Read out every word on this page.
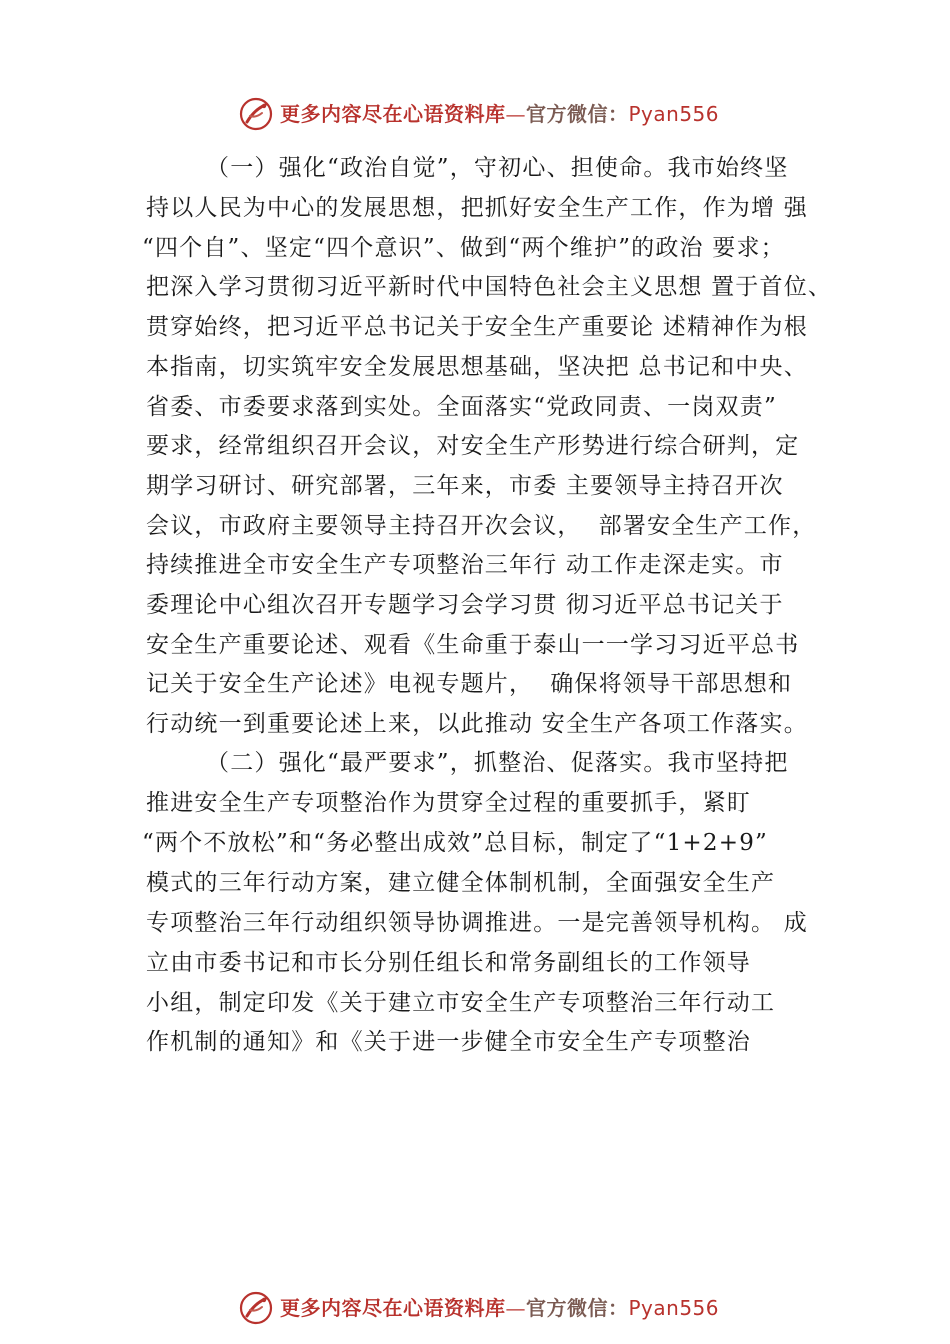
更多内容尽在心语资料库—官方微信：Pyan556
（一）强化“政治自觉”，守初心、担使命。我市始终坚
持以人民为中心的发展思想，把抓好安全生产工作，作为增 强
“四个自”、坚定“四个意识”、做到“两个维护”的政治 要求；
把深入学习贯彻习近平新时代中国特色社会主义思想 置于首位、
贯穿始终，把习近平总书记关于安全生产重要论 述精神作为根
本指南，切实筑牢安全发展思想基础，坚决把 总书记和中央、
省委、市委要求落到实处。全面落实“党政同责、一岗双责”
要求，经常组织召开会议，对安全生产形势进行综合研判，定
期学习研讨、研究部署，三年来，市委 主要领导主持召开次
会议，市政府主要领导主持召开次会议，  部署安全生产工作，
持续推进全市安全生产专项整治三年行 动工作走深走实。市
委理论中心组次召开专题学习会学习贯 彻习近平总书记关于
安全生产重要论述、观看《生命重于泰山一一学习习近平总书
记关于安全生产论述》电视专题片，  确保将领导干部思想和
行动统一到重要论述上来，以此推动 安全生产各项工作落实。
（二）强化“最严要求”，抓整治、促落实。我市坚持把
推进安全生产专项整治作为贯穿全过程的重要抓手，紧盯
“两个不放松”和“务必整出成效”总目标，制定了“1+2+9”
模式的三年行动方案，建立健全体制机制，全面强安全生产
专项整治三年行动组织领导协调推进。一是完善领导机构。 成
立由市委书记和市长分别任组长和常务副组长的工作领导
小组，制定印发《关于建立市安全生产专项整治三年行动工
作机制的通知》和《关于进一步健全市安全生产专项整治
更多内容尽在心语资料库—官方微信：Pyan556
